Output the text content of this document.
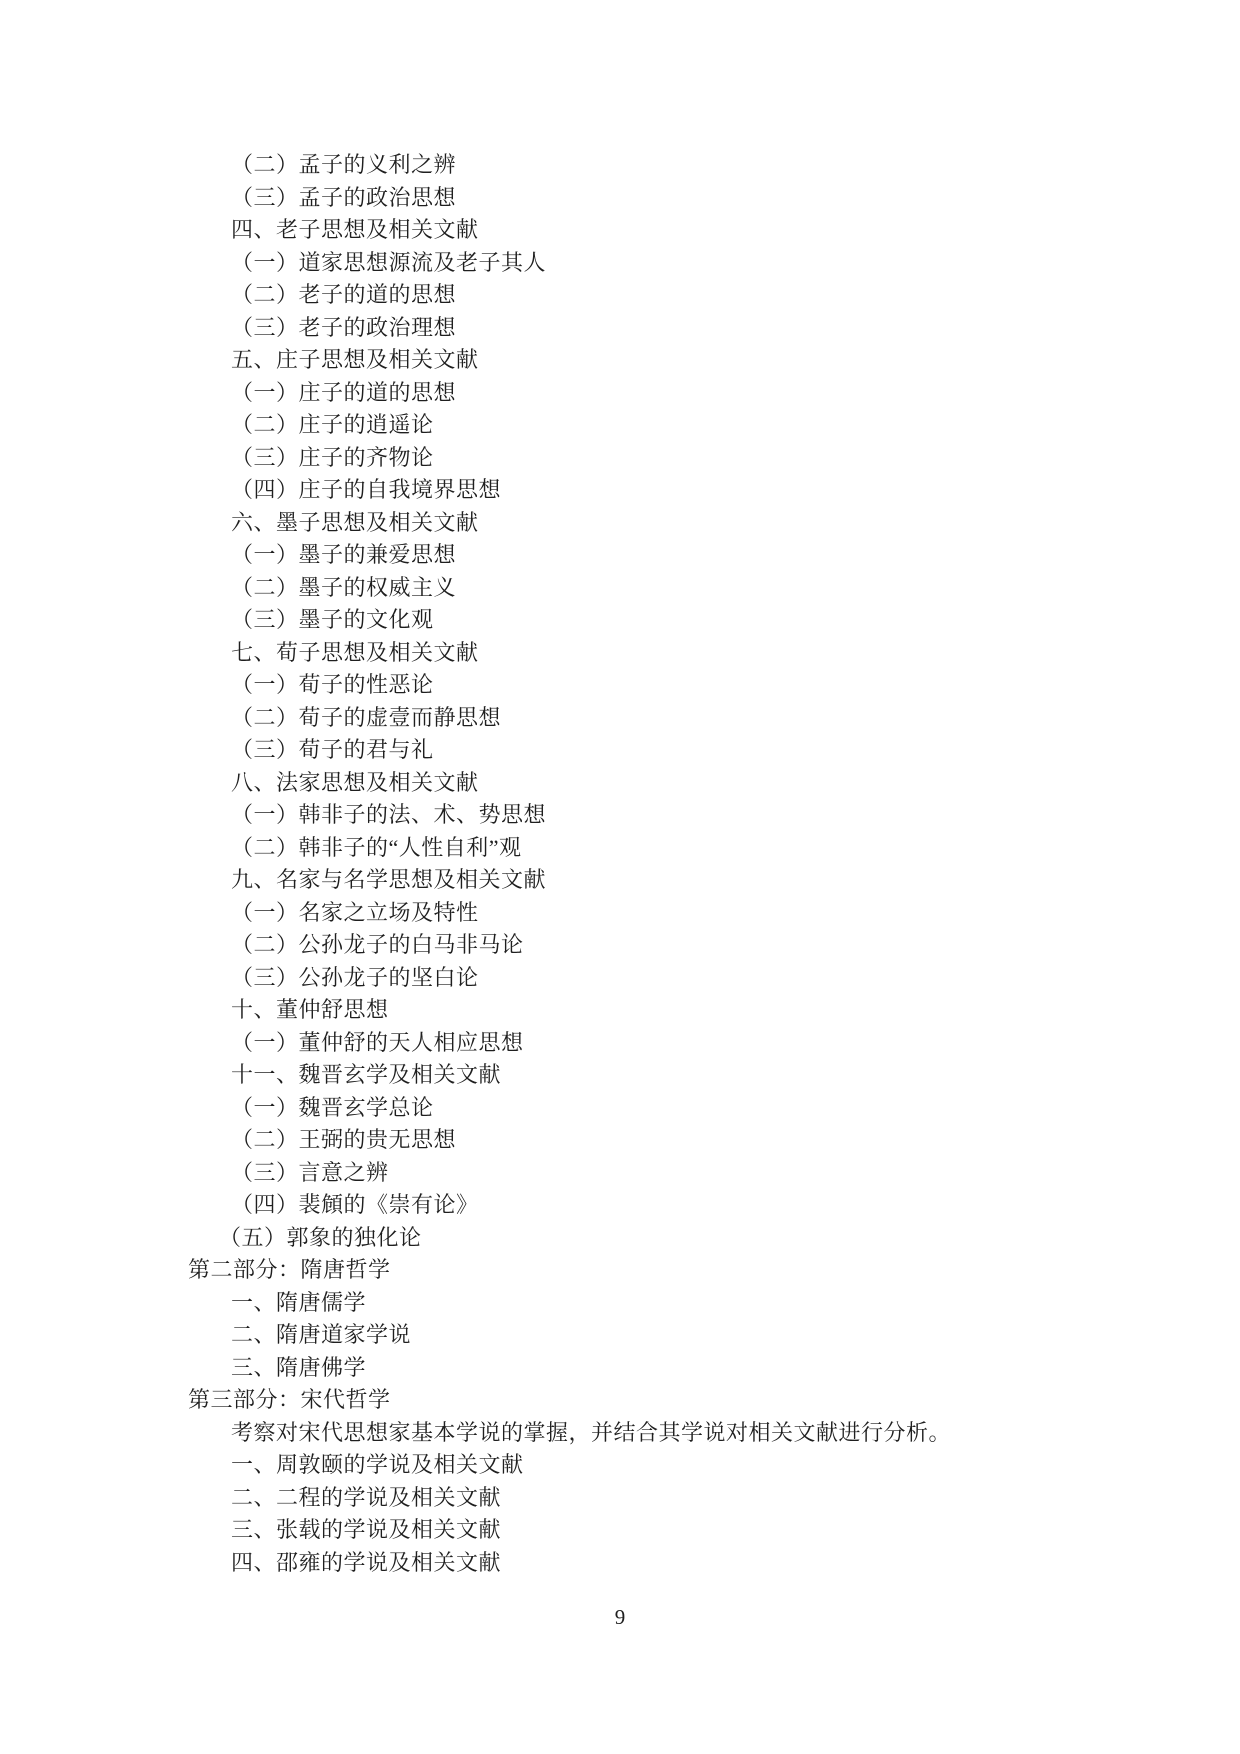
（二）孟子的义利之辨
（三）孟子的政治思想
四、老子思想及相关文献
（一）道家思想源流及老子其人
（二）老子的道的思想
（三）老子的政治理想
五、庄子思想及相关文献
（一）庄子的道的思想
（二）庄子的逍遥论
（三）庄子的齐物论
（四）庄子的自我境界思想
六、墨子思想及相关文献
（一）墨子的兼爱思想
（二）墨子的权威主义
（三）墨子的文化观
七、荀子思想及相关文献
（一）荀子的性恶论
（二）荀子的虚壹而静思想
（三）荀子的君与礼
八、法家思想及相关文献
（一）韩非子的法、术、势思想
（二）韩非子的“人性自利”观
九、名家与名学思想及相关文献
（一）名家之立场及特性
（二）公孙龙子的白马非马论
（三）公孙龙子的坚白论
十、董仲舒思想
（一）董仲舒的天人相应思想
十一、魏晋玄学及相关文献
（一）魏晋玄学总论
（二）王弼的贵无思想
（三）言意之辨
（四）裴頠的《崇有论》
（五）郭象的独化论
第二部分：隋唐哲学
一、隋唐儒学
二、隋唐道家学说
三、隋唐佛学
第三部分：宋代哲学
考察对宋代思想家基本学说的掌握，并结合其学说对相关文献进行分析。
一、周敦颐的学说及相关文献
二、二程的学说及相关文献
三、张载的学说及相关文献
四、邵雍的学说及相关文献
9
